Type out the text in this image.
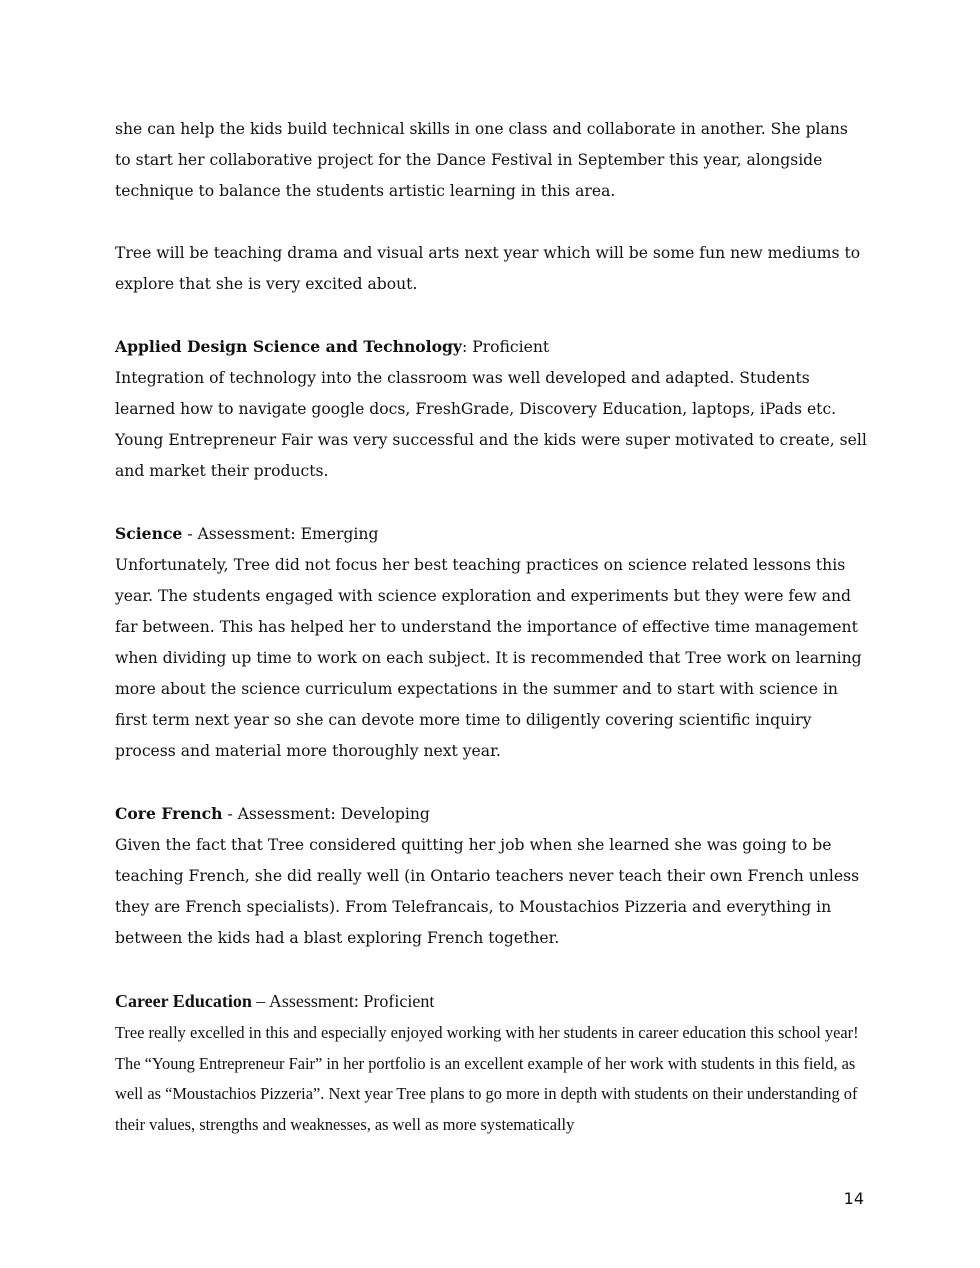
she can help the kids build technical skills in one class and collaborate in another. She plans to start her collaborative project for the Dance Festival in September this year, alongside technique to balance the students artistic learning in this area.

Tree will be teaching drama and visual arts next year which will be some fun new mediums to explore that she is very excited about.

Applied Design Science and Technology: Proficient

Integration of technology into the classroom was well developed and adapted. Students learned how to navigate google docs, FreshGrade, Discovery Education, laptops, iPads etc. Young Entrepreneur Fair was very successful and the kids were super motivated to create, sell and market their products.

Science - Assessment: Emerging

Unfortunately, Tree did not focus her best teaching practices on science related lessons this year. The students engaged with science exploration and experiments but they were few and far between. This has helped her to understand the importance of effective time management when dividing up time to work on each subject. It is recommended that Tree work on learning more about the science curriculum expectations in the summer and to start with science in first term next year so she can devote more time to diligently covering scientific inquiry process and material more thoroughly next year.

Core French - Assessment: Developing

Given the fact that Tree considered quitting her job when she learned she was going to be teaching French, she did really well (in Ontario teachers never teach their own French unless they are French specialists). From Telefrancais, to Moustachios Pizzeria and everything in between the kids had a blast exploring French together.

Career Education – Assessment: Proficient

Tree really excelled in this and especially enjoyed working with her students in career education this school year! The “Young Entrepreneur Fair” in her portfolio is an excellent example of her work with students in this field, as well as “Moustachios Pizzeria”. Next year Tree plans to go more in depth with students on their understanding of their values, strengths and weaknesses, as well as more systematically

14
